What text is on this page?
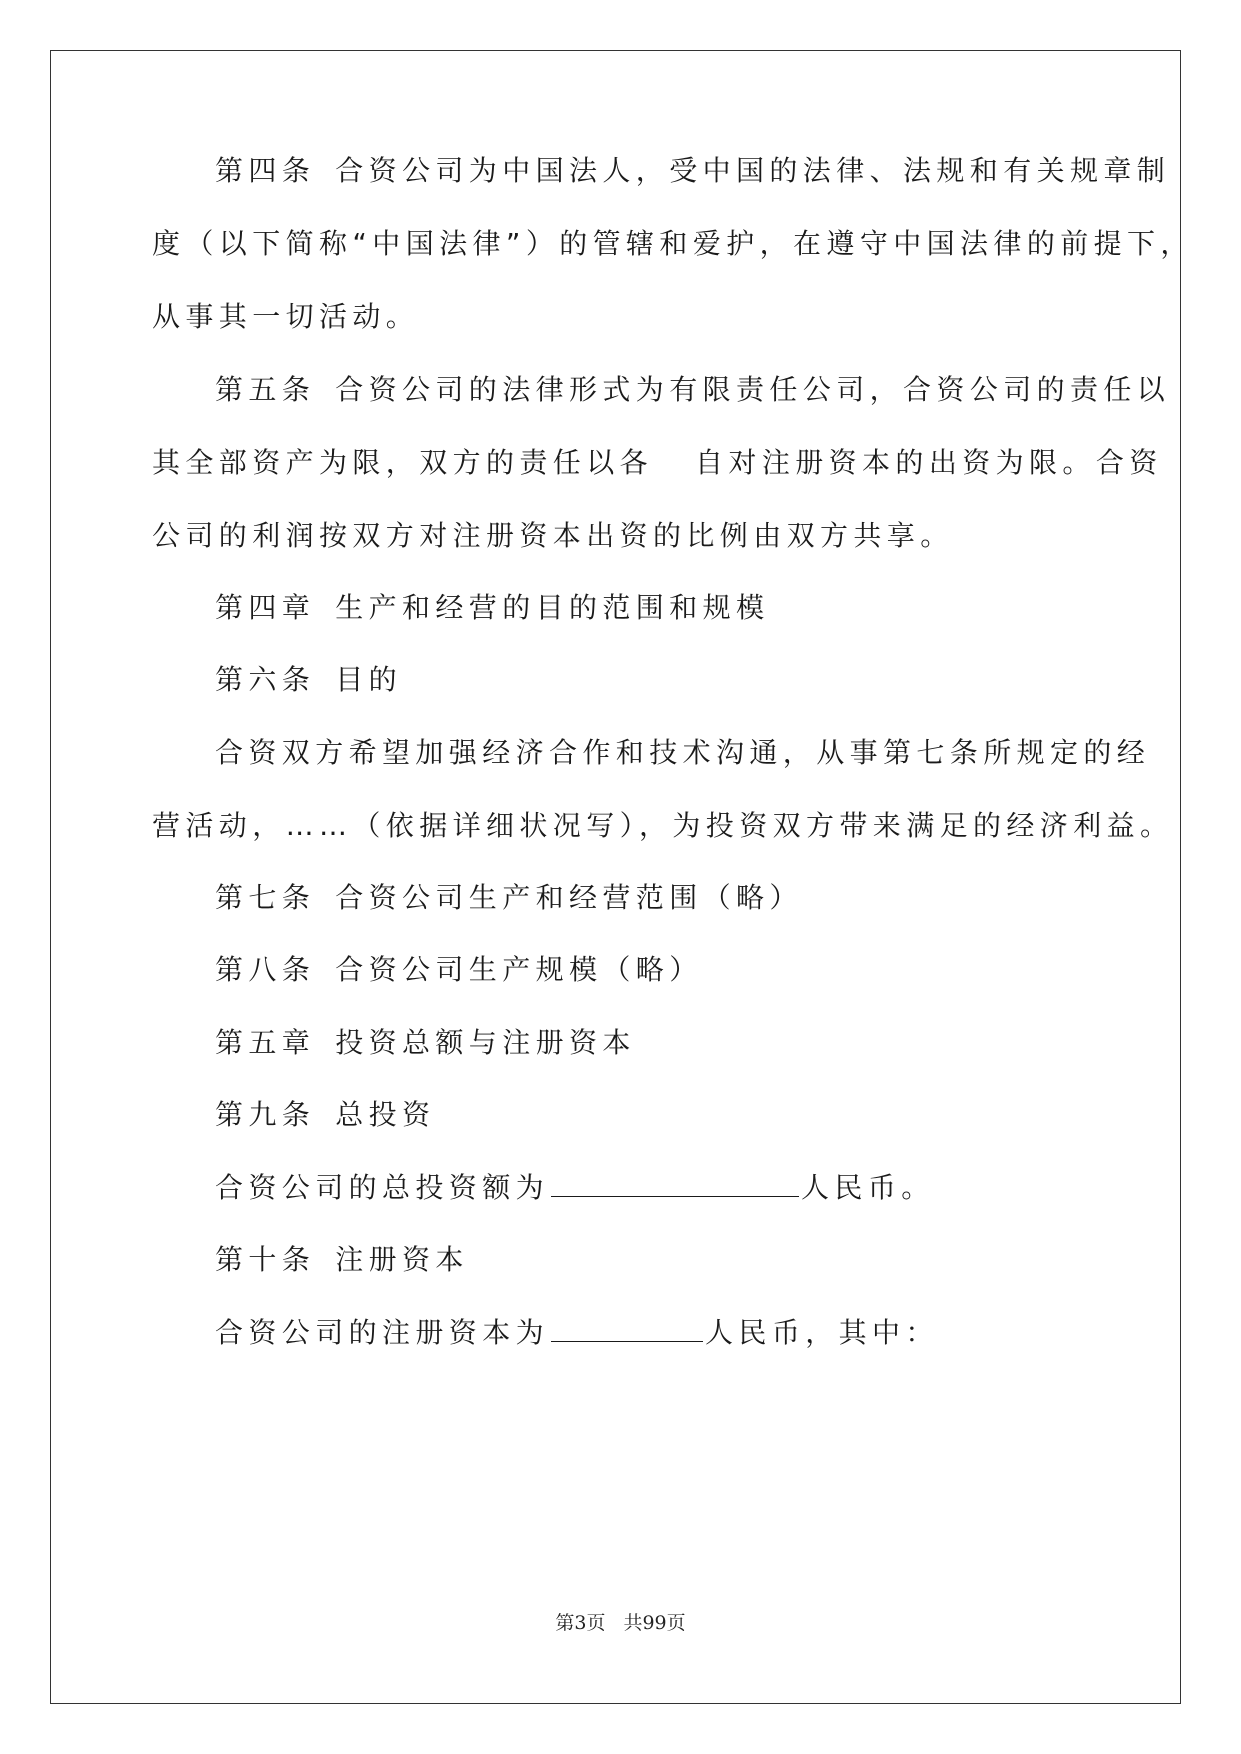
第四条 合资公司为中国法人，受中国的法律、法规和有关规章制
度（以下简称“中国法律”）的管辖和爱护，在遵守中国法律的前提下，
从事其一切活动。
第五条 合资公司的法律形式为有限责任公司，合资公司的责任以
其全部资产为限，双方的责任以各 自对注册资本的出资为限。合资
公司的利润按双方对注册资本出资的比例由双方共享。
第四章 生产和经营的目的范围和规模
第六条 目的
合资双方希望加强经济合作和技术沟通，从事第七条所规定的经
营活动，……（依据详细状况写），为投资双方带来满足的经济利益。
第七条 合资公司生产和经营范围（略）
第八条 合资公司生产规模（略）
第五章 投资总额与注册资本
第九条 总投资
合资公司的总投资额为	人民币。
第十条 注册资本
合资公司的注册资本为	人民币，其中：
第3页 共99页
